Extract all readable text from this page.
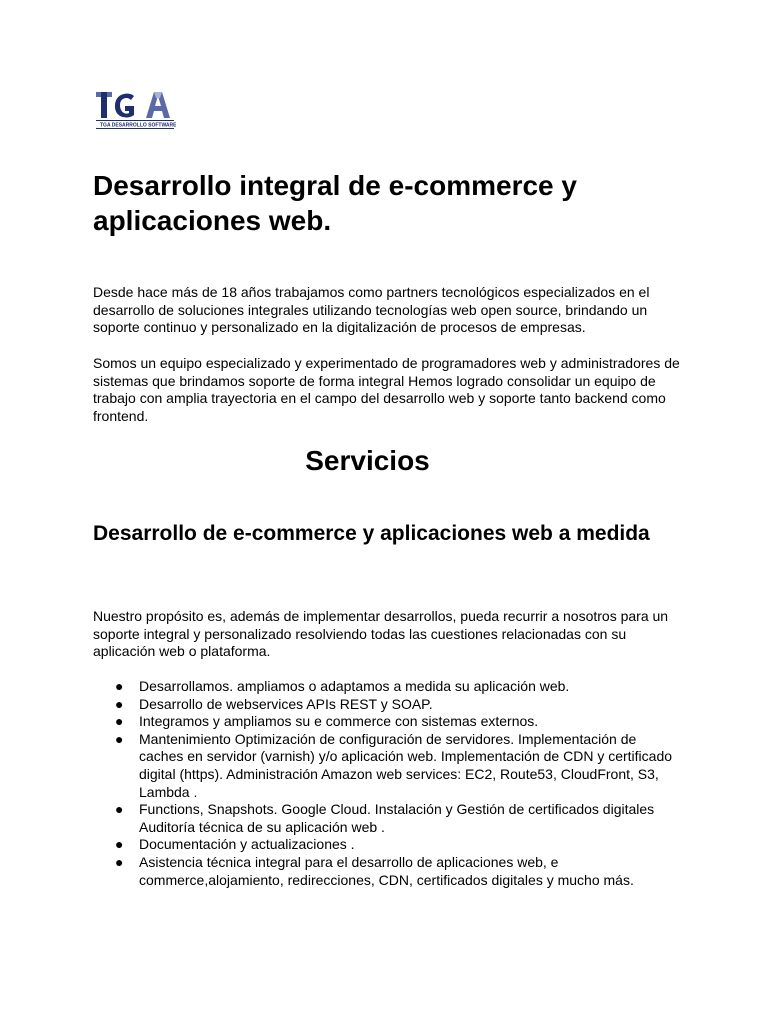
TGA DESARROLLO SOFTWARE
Desarrollo integral de e-commerce y aplicaciones web.

Desde hace más de 18 años trabajamos como partners tecnológicos especializados en el desarrollo de soluciones integrales utilizando tecnologías web open source, brindando un soporte continuo y personalizado en la digitalización de procesos de empresas.

Somos un equipo especializado y experimentado de programadores web y administradores de sistemas que brindamos soporte de forma integral Hemos logrado consolidar un equipo de trabajo con amplia trayectoria en el campo del desarrollo web y soporte tanto backend como frontend.

Servicios
Desarrollo de e-commerce y aplicaciones web a medida

Nuestro propósito es, además de implementar desarrollos, pueda recurrir a nosotros para un soporte integral y personalizado resolviendo todas las cuestiones relacionadas con su aplicación web o plataforma.

● Desarrollamos. ampliamos o adaptamos a medida su aplicación web.
● Desarrollo de webservices APIs REST y SOAP.
● Integramos y ampliamos su e commerce con sistemas externos.
● Mantenimiento Optimización de configuración de servidores. Implementación de caches en servidor (varnish) y/o aplicación web. Implementación de CDN y certificado digital (https). Administración Amazon web services: EC2, Route53, CloudFront, S3, Lambda .
● Functions, Snapshots. Google Cloud. Instalación y Gestión de certificados digitales Auditoría técnica de su aplicación web .
● Documentación y actualizaciones .
● Asistencia técnica integral para el desarrollo de aplicaciones web, e commerce,alojamiento, redirecciones, CDN, certificados digitales y mucho más.
